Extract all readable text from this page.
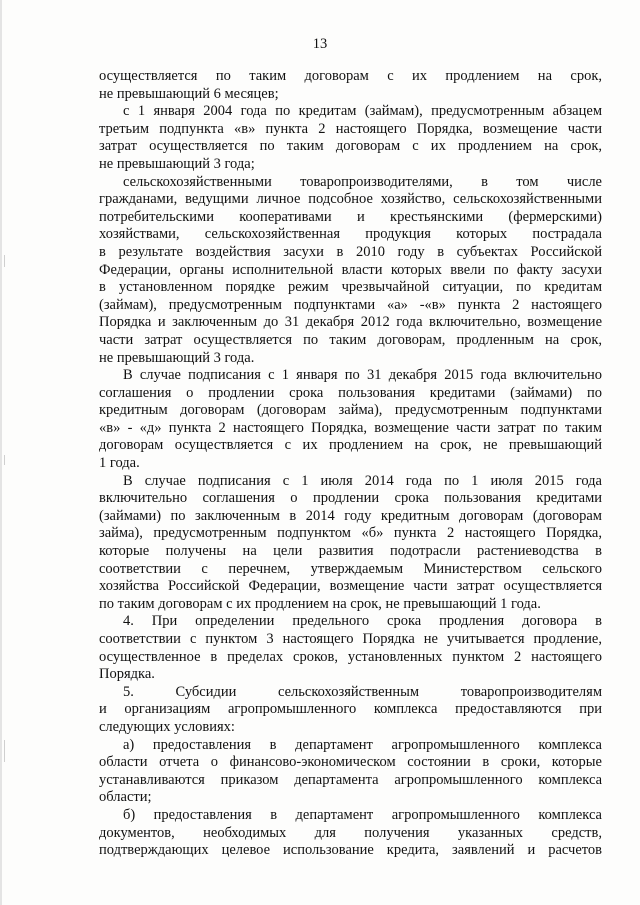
13
осуществляется по таким договорам с их продлением на срок,
не превышающий 6 месяцев;
с 1 января 2004 года по кредитам (займам), предусмотренным абзацем
третьим подпункта «в» пункта 2 настоящего Порядка, возмещение части
затрат осуществляется по таким договорам с их продлением на срок,
не превышающий 3 года;
сельскохозяйственными товаропроизводителями, в том числе
гражданами, ведущими личное подсобное хозяйство, сельскохозяйственными
потребительскими кооперативами и крестьянскими (фермерскими)
хозяйствами, сельскохозяйственная продукция которых пострадала
в результате воздействия засухи в 2010 году в субъектах Российской
Федерации, органы исполнительной власти которых ввели по факту засухи
в установленном порядке режим чрезвычайной ситуации, по кредитам
(займам), предусмотренным подпунктами «а» -«в» пункта 2 настоящего
Порядка и заключенным до 31 декабря 2012 года включительно, возмещение
части затрат осуществляется по таким договорам, продленным на срок,
не превышающий 3 года.
В случае подписания с 1 января по 31 декабря 2015 года включительно
соглашения о продлении срока пользования кредитами (займами) по
кредитным договорам (договорам займа), предусмотренным подпунктами
«в» - «д» пункта 2 настоящего Порядка, возмещение части затрат по таким
договорам осуществляется с их продлением на срок, не превышающий
1 года.
В случае подписания с 1 июля 2014 года по 1 июля 2015 года
включительно соглашения о продлении срока пользования кредитами
(займами) по заключенным в 2014 году кредитным договорам (договорам
займа), предусмотренным подпунктом «б» пункта 2 настоящего Порядка,
которые получены на цели развития подотрасли растениеводства в
соответствии с перечнем, утверждаемым Министерством сельского
хозяйства Российской Федерации, возмещение части затрат осуществляется
по таким договорам с их продлением на срок, не превышающий 1 года.
4. При определении предельного срока продления договора в
соответствии с пунктом 3 настоящего Порядка не учитывается продление,
осуществленное в пределах сроков, установленных пунктом 2 настоящего
Порядка.
5. Субсидии сельскохозяйственным товаропроизводителям
и организациям агропромышленного комплекса предоставляются при
следующих условиях:
а) предоставления в департамент агропромышленного комплекса
области отчета о финансово-экономическом состоянии в сроки, которые
устанавливаются приказом департамента агропромышленного комплекса
области;
б) предоставления в департамент агропромышленного комплекса
документов, необходимых для получения указанных средств,
подтверждающих целевое использование кредита, заявлений и расчетов
